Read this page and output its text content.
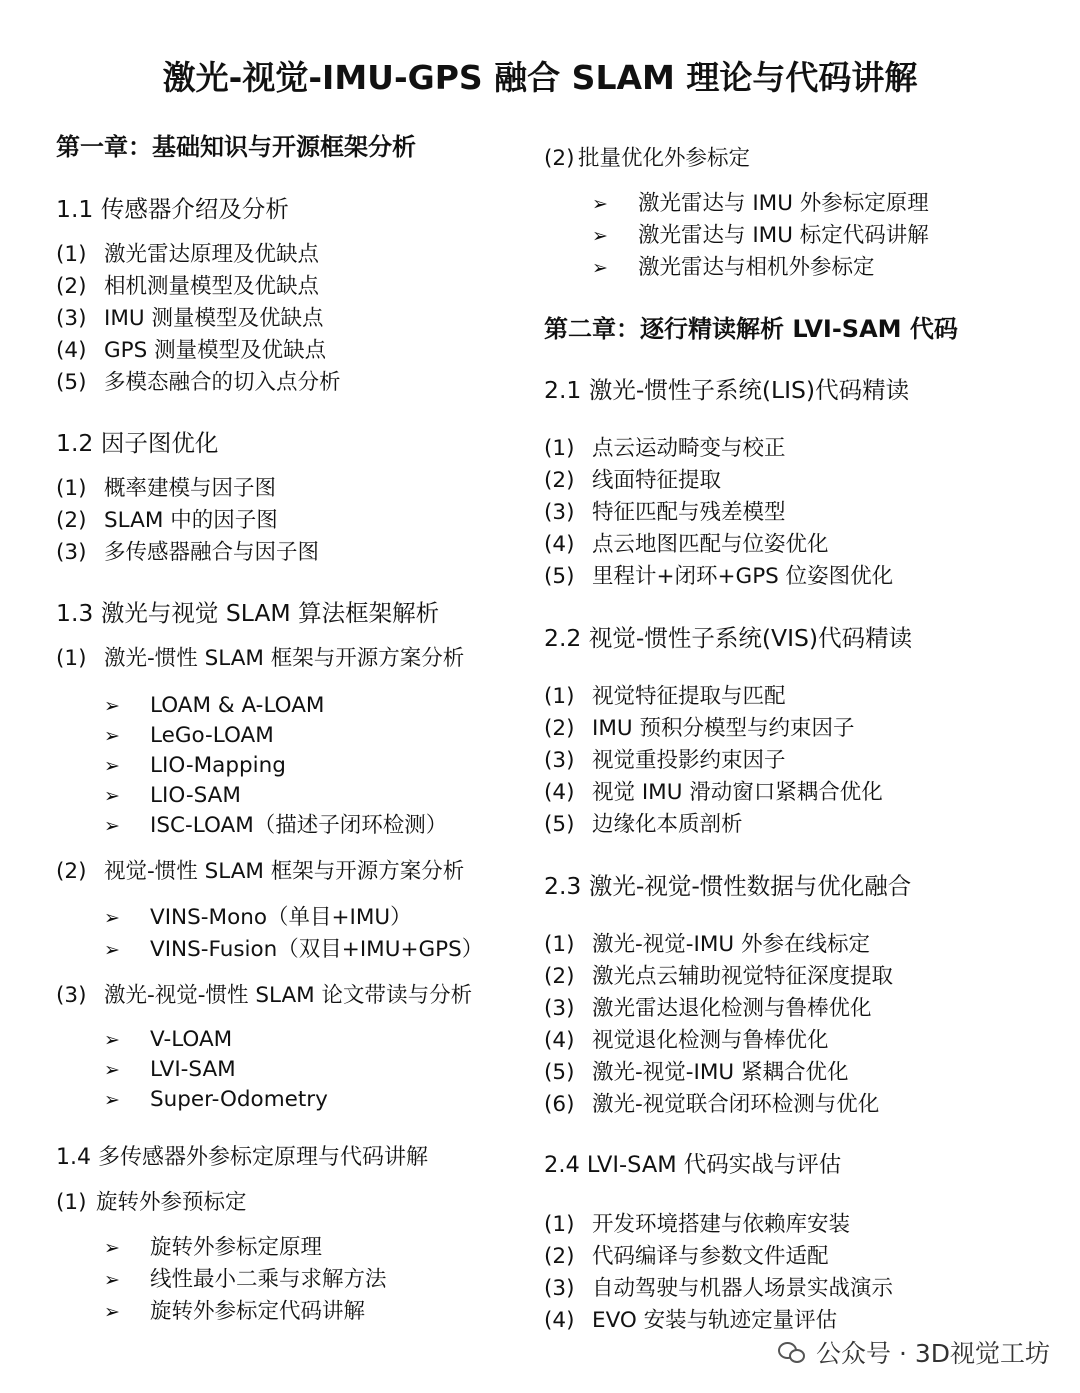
激光-视觉-IMU-GPS 融合 SLAM 理论与代码讲解
第一章：基础知识与开源框架分析
1.1 传感器介绍及分析
(1) 激光雷达原理及优缺点
(2) 相机测量模型及优缺点
(3) IMU 测量模型及优缺点
(4) GPS 测量模型及优缺点
(5) 多模态融合的切入点分析
1.2 因子图优化
(1) 概率建模与因子图
(2) SLAM 中的因子图
(3) 多传感器融合与因子图
1.3 激光与视觉 SLAM 算法框架解析
(1) 激光-惯性 SLAM 框架与开源方案分析
➢ LOAM & A-LOAM
➢ LeGo-LOAM
➢ LIO-Mapping
➢ LIO-SAM
➢ ISC-LOAM（描述子闭环检测）
(2) 视觉-惯性 SLAM 框架与开源方案分析
➢ VINS-Mono（单目+IMU）
➢ VINS-Fusion（双目+IMU+GPS）
(3) 激光-视觉-惯性 SLAM 论文带读与分析
➢ V-LOAM
➢ LVI-SAM
➢ Super-Odometry
1.4 多传感器外参标定原理与代码讲解
(1) 旋转外参预标定
➢ 旋转外参标定原理
➢ 线性最小二乘与求解方法
➢ 旋转外参标定代码讲解
(2) 批量优化外参标定
➢ 激光雷达与 IMU 外参标定原理
➢ 激光雷达与 IMU 标定代码讲解
➢ 激光雷达与相机外参标定
第二章：逐行精读解析 LVI-SAM 代码
2.1 激光-惯性子系统(LIS)代码精读
(1) 点云运动畸变与校正
(2) 线面特征提取
(3) 特征匹配与残差模型
(4) 点云地图匹配与位姿优化
(5) 里程计+闭环+GPS 位姿图优化
2.2 视觉-惯性子系统(VIS)代码精读
(1) 视觉特征提取与匹配
(2) IMU 预积分模型与约束因子
(3) 视觉重投影约束因子
(4) 视觉 IMU 滑动窗口紧耦合优化
(5) 边缘化本质剖析
2.3 激光-视觉-惯性数据与优化融合
(1) 激光-视觉-IMU 外参在线标定
(2) 激光点云辅助视觉特征深度提取
(3) 激光雷达退化检测与鲁棒优化
(4) 视觉退化检测与鲁棒优化
(5) 激光-视觉-IMU 紧耦合优化
(6) 激光-视觉联合闭环检测与优化
2.4 LVI-SAM 代码实战与评估
(1) 开发环境搭建与依赖库安装
(2) 代码编译与参数文件适配
(3) 自动驾驶与机器人场景实战演示
(4) EVO 安装与轨迹定量评估
公众号 · 3D视觉工坊
